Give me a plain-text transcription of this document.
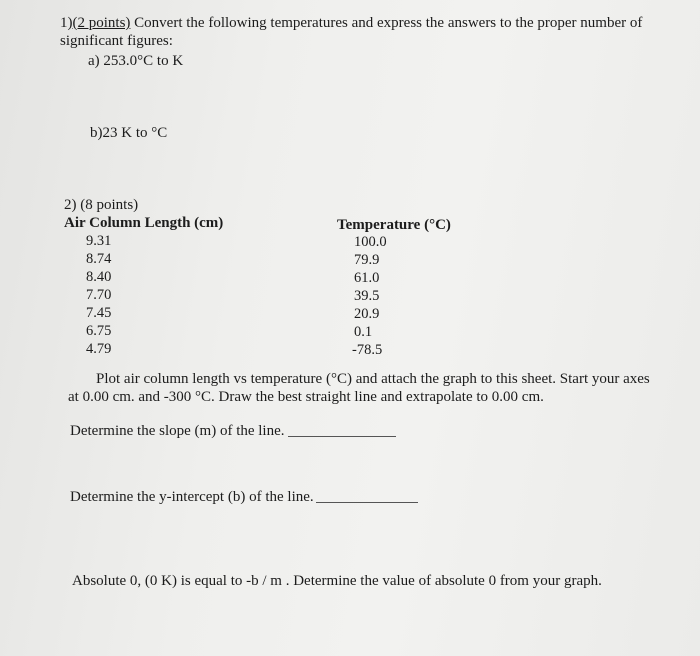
1)(2 points) Convert the following temperatures and express the answers to the proper number of
significant figures:
a) 253.0°C to K
b)23 K to °C
2) (8 points)
Air Column Length (cm)	Temperature (°C)
9.31
8.74
8.40
7.70
7.45
6.75
4.79
100.0
79.9
61.0
39.5
20.9
0.1
-78.5
Plot air column length vs temperature (°C) and attach the graph to this sheet. Start your axes
at 0.00 cm. and -300 °C. Draw the best straight line and extrapolate to 0.00 cm.
Determine the slope (m) of the line.
Determine the y-intercept (b) of the line.
Absolute 0, (0 K) is equal to -b / m . Determine the value of absolute 0 from your graph.
